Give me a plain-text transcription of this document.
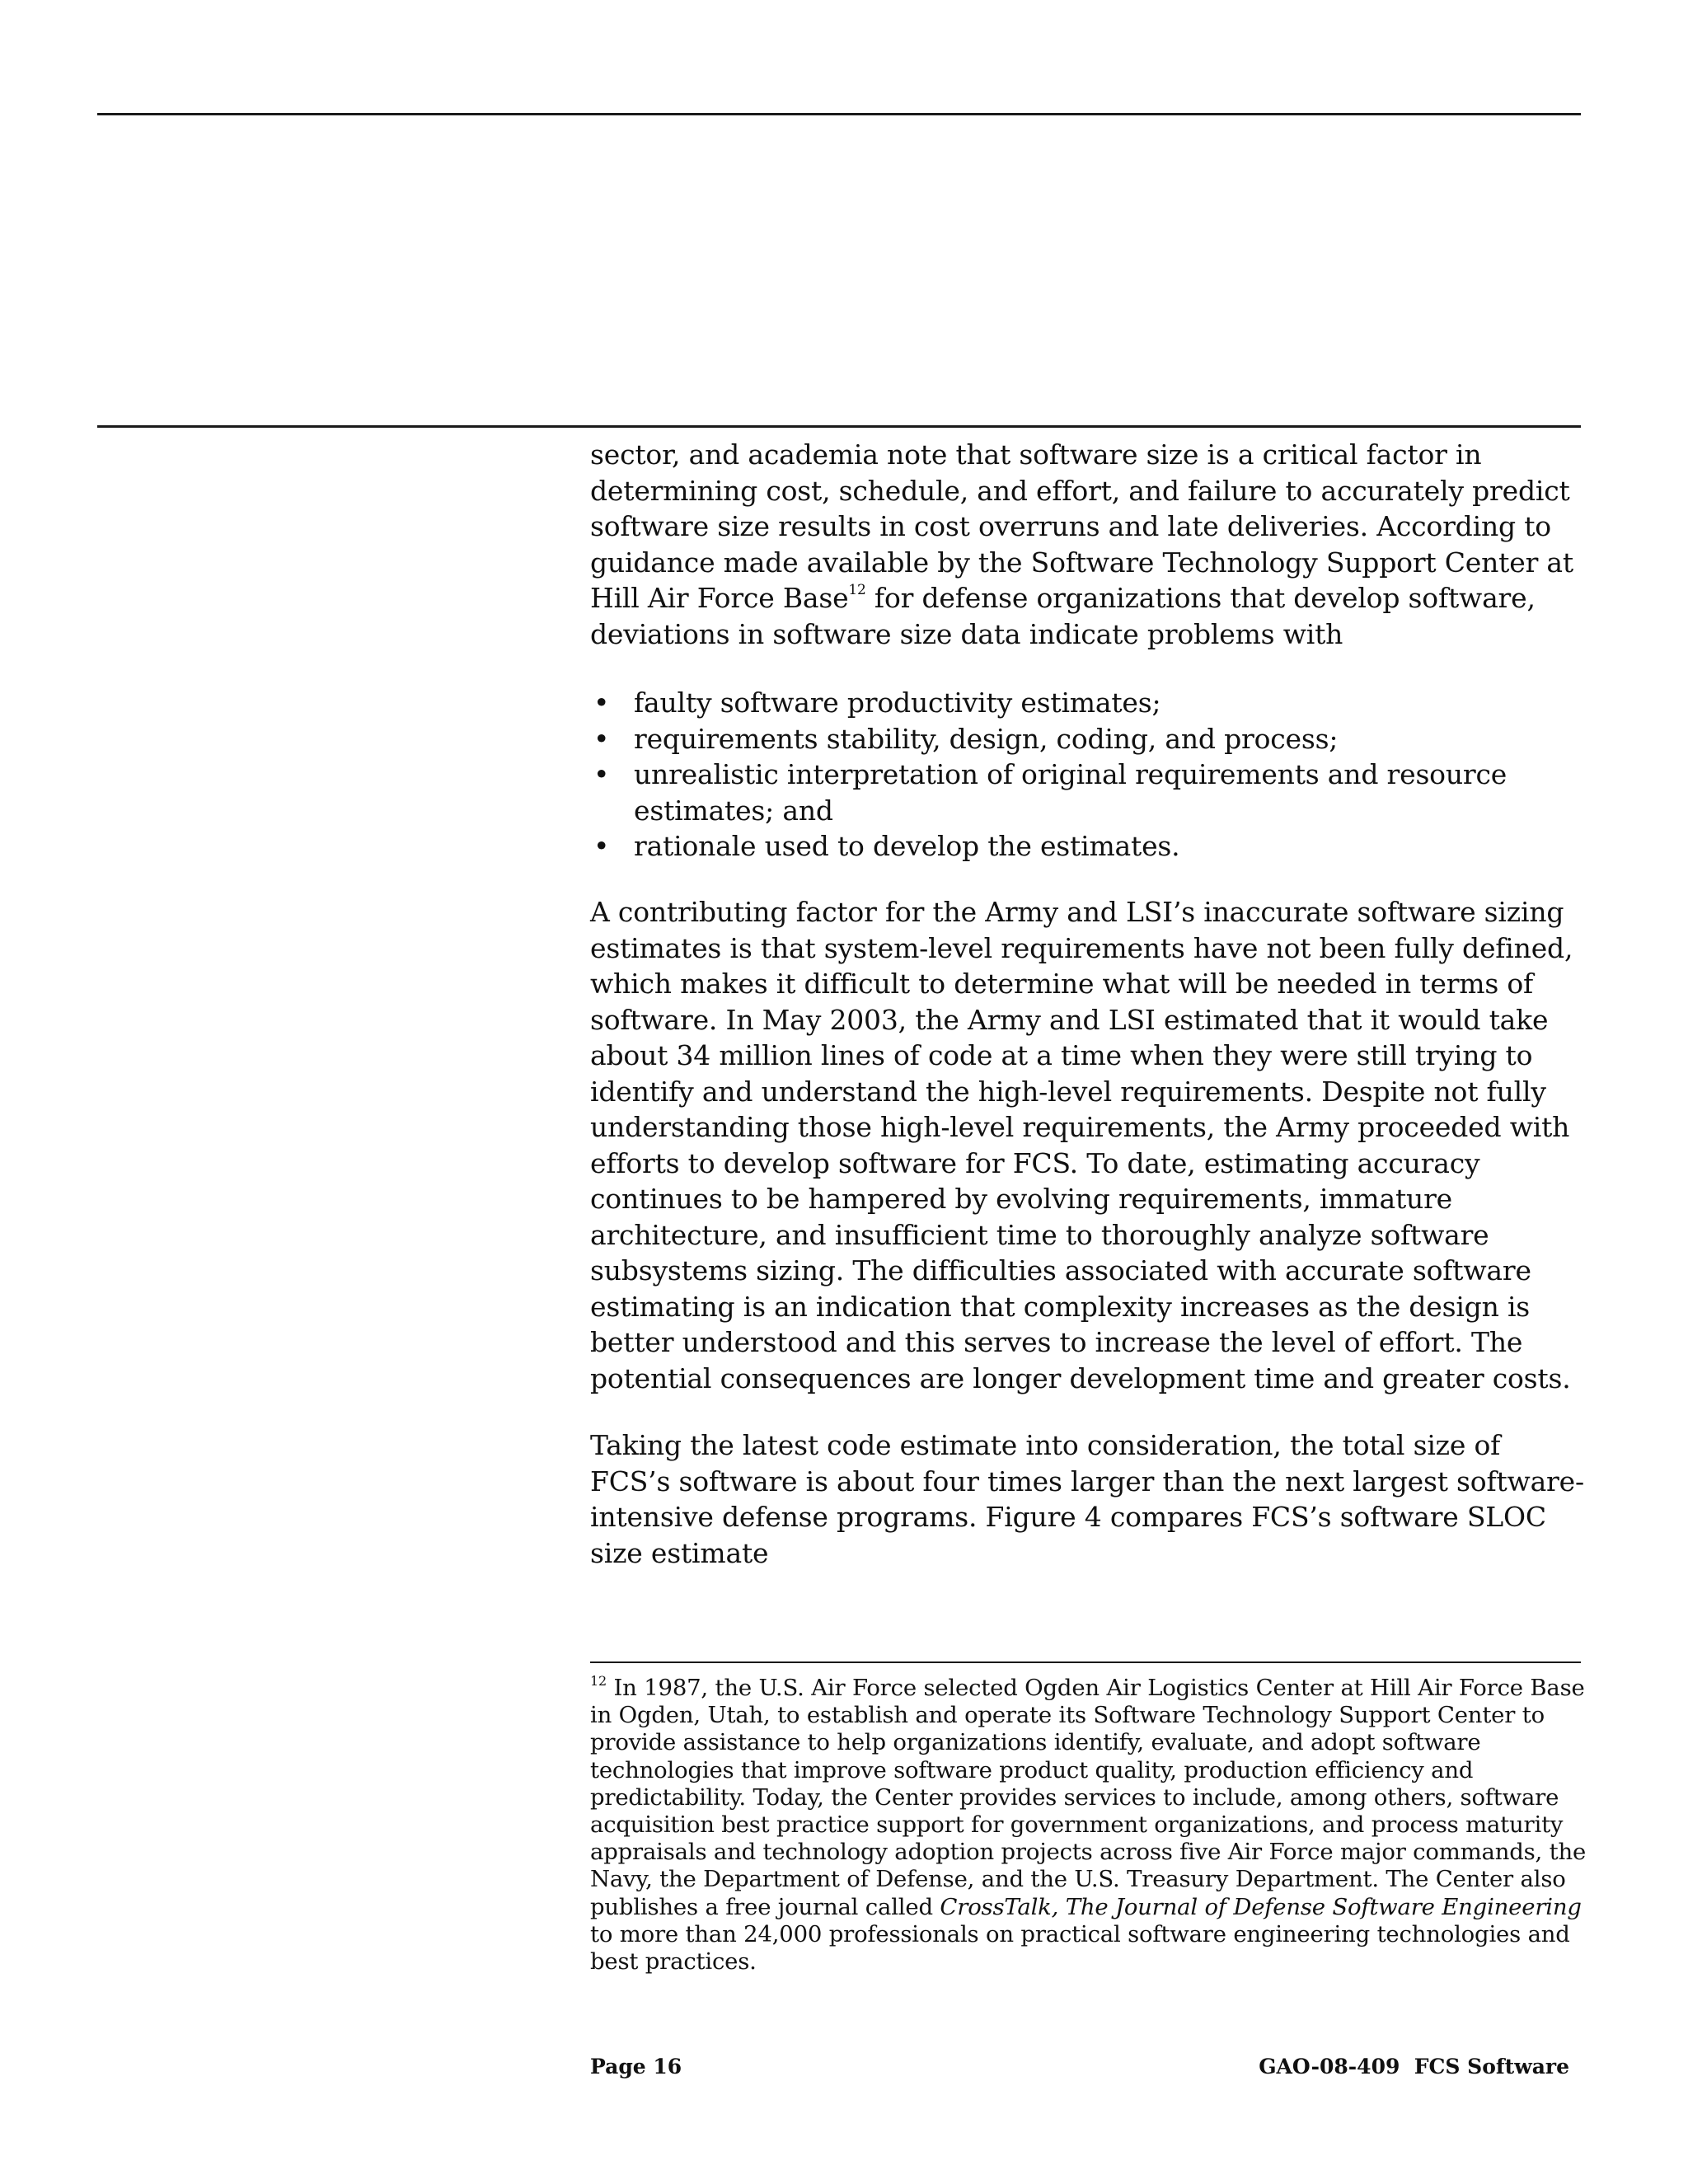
sector, and academia note that software size is a critical factor in determining cost, schedule, and effort, and failure to accurately predict software size results in cost overruns and late deliveries. According to guidance made available by the Software Technology Support Center at Hill Air Force Base$^{12}$ for defense organizations that develop software, deviations in software size data indicate problems with

• faulty software productivity estimates;
• requirements stability, design, coding, and process;
• unrealistic interpretation of original requirements and resource estimates; and
• rationale used to develop the estimates.

A contributing factor for the Army and LSI’s inaccurate software sizing estimates is that system-level requirements have not been fully defined, which makes it difficult to determine what will be needed in terms of software. In May 2003, the Army and LSI estimated that it would take about 34 million lines of code at a time when they were still trying to identify and understand the high-level requirements. Despite not fully understanding those high-level requirements, the Army proceeded with efforts to develop software for FCS. To date, estimating accuracy continues to be hampered by evolving requirements, immature architecture, and insufficient time to thoroughly analyze software subsystems sizing. The difficulties associated with accurate software estimating is an indication that complexity increases as the design is better understood and this serves to increase the level of effort. The potential consequences are longer development time and greater costs.

Taking the latest code estimate into consideration, the total size of FCS’s software is about four times larger than the next largest software-intensive defense programs. Figure 4 compares FCS’s software SLOC size estimate

$^{12}$ In 1987, the U.S. Air Force selected Ogden Air Logistics Center at Hill Air Force Base in Ogden, Utah, to establish and operate its Software Technology Support Center to provide assistance to help organizations identify, evaluate, and adopt software technologies that improve software product quality, production efficiency and predictability. Today, the Center provides services to include, among others, software acquisition best practice support for government organizations, and process maturity appraisals and technology adoption projects across five Air Force major commands, the Navy, the Department of Defense, and the U.S. Treasury Department. The Center also publishes a free journal called CrossTalk, The Journal of Defense Software Engineering to more than 24,000 professionals on practical software engineering technologies and best practices.

Page 16	GAO-08-409  FCS Software
